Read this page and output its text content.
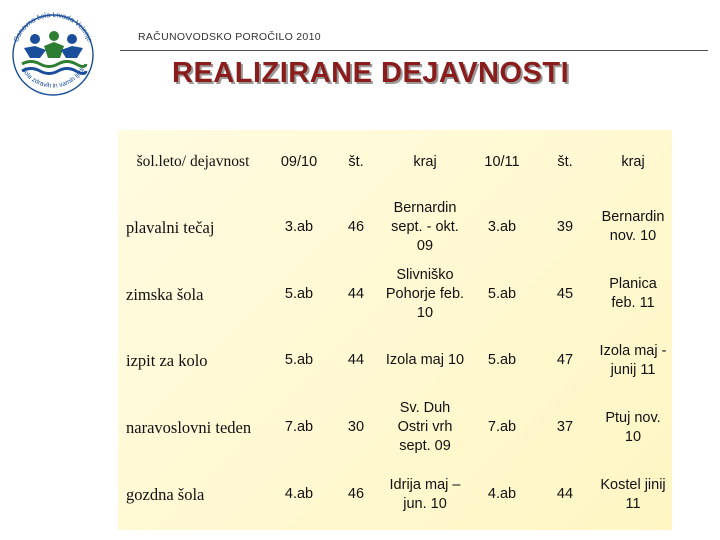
Osnovna šola Livada Velenje
Šola zdravih in varnih ljudi
RAČUNOVODSKO POROČILO 2010
REALIZIRANE DEJAVNOSTI
šol.leto/ dejavnost	09/10	št.	kraj	10/11	št.	kraj
plavalni tečaj	3.ab	46	Bernardin sept. - okt. 09	3.ab	39	Bernardin nov. 10
zimska šola	5.ab	44	Slivniško Pohorje feb. 10	5.ab	45	Planica feb. 11
izpit za kolo	5.ab	44	Izola maj 10	5.ab	47	Izola maj - junij 11
naravoslovni teden	7.ab	30	Sv. Duh Ostri vrh sept. 09	7.ab	37	Ptuj nov. 10
gozdna šola	4.ab	46	Idrija maj – jun. 10	4.ab	44	Kostel jinij 11
